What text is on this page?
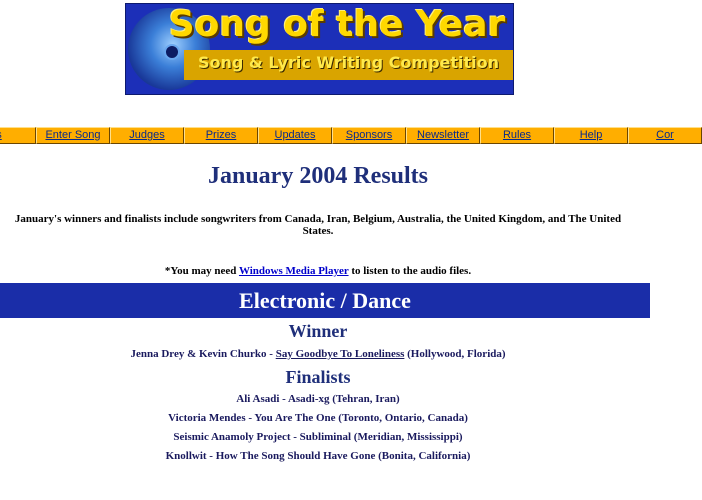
Song of the Year
Song & Lyric Writing Competition
Enter Song	Judges	Prizes	Updates	Sponsors	Newsletter	Rules	Help	Cor
January 2004 Results
January's winners and finalists include songwriters from Canada, Iran, Belgium, Australia, the United Kingdom, and The United States.
*You may need Windows Media Player to listen to the audio files.
Electronic / Dance
Winner
Jenna Drey & Kevin Churko - Say Goodbye To Loneliness (Hollywood, Florida)
Finalists
Ali Asadi - Asadi-xg (Tehran, Iran)
Victoria Mendes - You Are The One (Toronto, Ontario, Canada)
Seismic Anamoly Project - Subliminal (Meridian, Mississippi)
Knollwit - How The Song Should Have Gone (Bonita, California)
